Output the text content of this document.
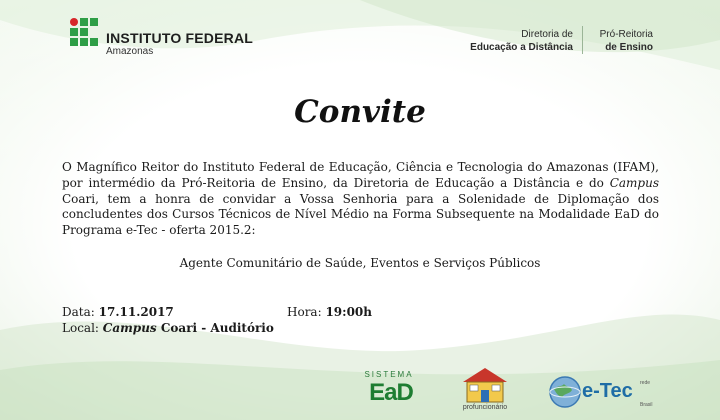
INSTITUTO FEDERAL
Amazonas
Diretoria de
Educação a Distância
Pró-Reitoria
de Ensino
Convite
O Magnífico Reitor do Instituto Federal de Educação, Ciência e Tecnologia do Amazonas (IFAM), por intermédio da Pró-Reitoria de Ensino, da Diretoria de Educação a Distância e do Campus Coari, tem a honra de convidar a Vossa Senhoria para a Solenidade de Diplomação dos concludentes dos Cursos Técnicos de Nível Médio na Forma Subsequente na Modalidade EaD do Programa e-Tec - oferta 2015.2:
Agente Comunitário de Saúde, Eventos e Serviços Públicos
Data: 17.11.2017	Hora: 19:00h
Local: Campus Coari - Auditório
SISTEMA
EaD
profuncionário
e-Tec rede
Brasil
